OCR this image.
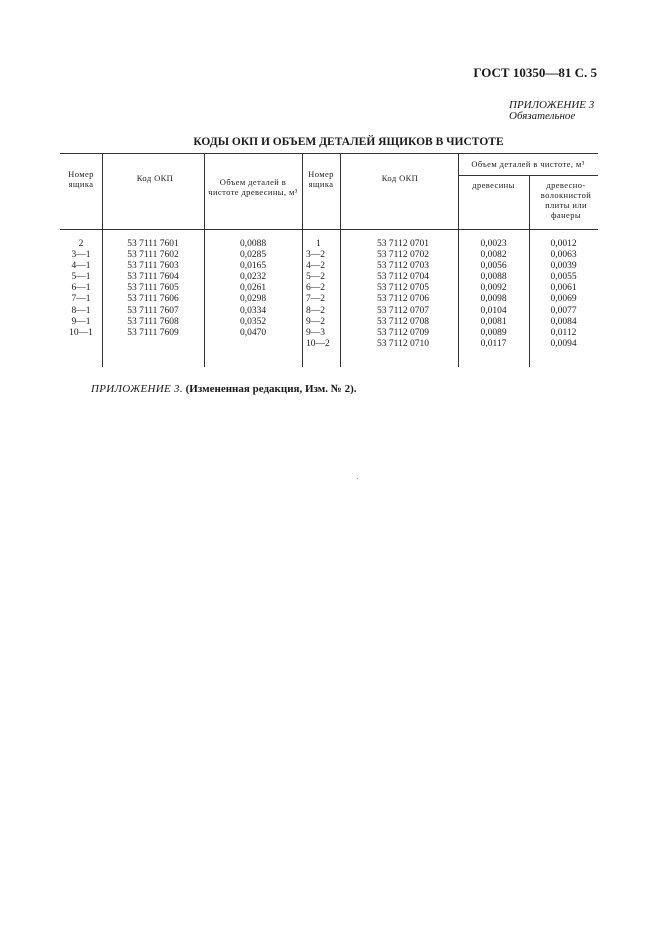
ГОСТ 10350—81 С. 5
ПРИЛОЖЕНИЕ 3
Обязательное
КОДЫ ОКП И ОБЪЕМ ДЕТАЛЕЙ ЯЩИКОВ В ЧИСТОТЕ
Номер ящика
Код ОКП	Объем деталей в чистоте древесины, м³
Номер ящика
Код ОКП
Объем деталей в чистоте, м³
древесины	древесно-волокнистой плиты или фанеры
2
3—1
4—1
5—1
6—1
7—1
8—1
9—1
10—1
53 7111 7601
53 7111 7602
53 7111 7603
53 7111 7604
53 7111 7605
53 7111 7606
53 7111 7607
53 7111 7608
53 7111 7609
0,0088
0,0285
0,0165
0,0232
0,0261
0,0298
0,0334
0,0352
0,0470
1
3—2
4—2
5—2
6—2
7—2
8—2
9—2
9—3
10—2
53 7112 0701
53 7112 0702
53 7112 0703
53 7112 0704
53 7112 0705
53 7112 0706
53 7112 0707
53 7112 0708
53 7112 0709
53 7112 0710
0,0023
0,0082
0,0056
0,0088
0,0092
0,0098
0,0104
0,0081
0,0089
0,0117
0,0012
0,0063
0,0039
0,0055
0,0061
0,0069
0,0077
0,0084
0,0112
0,0094
ПРИЛОЖЕНИЕ 3. (Измененная редакция, Изм. № 2).
